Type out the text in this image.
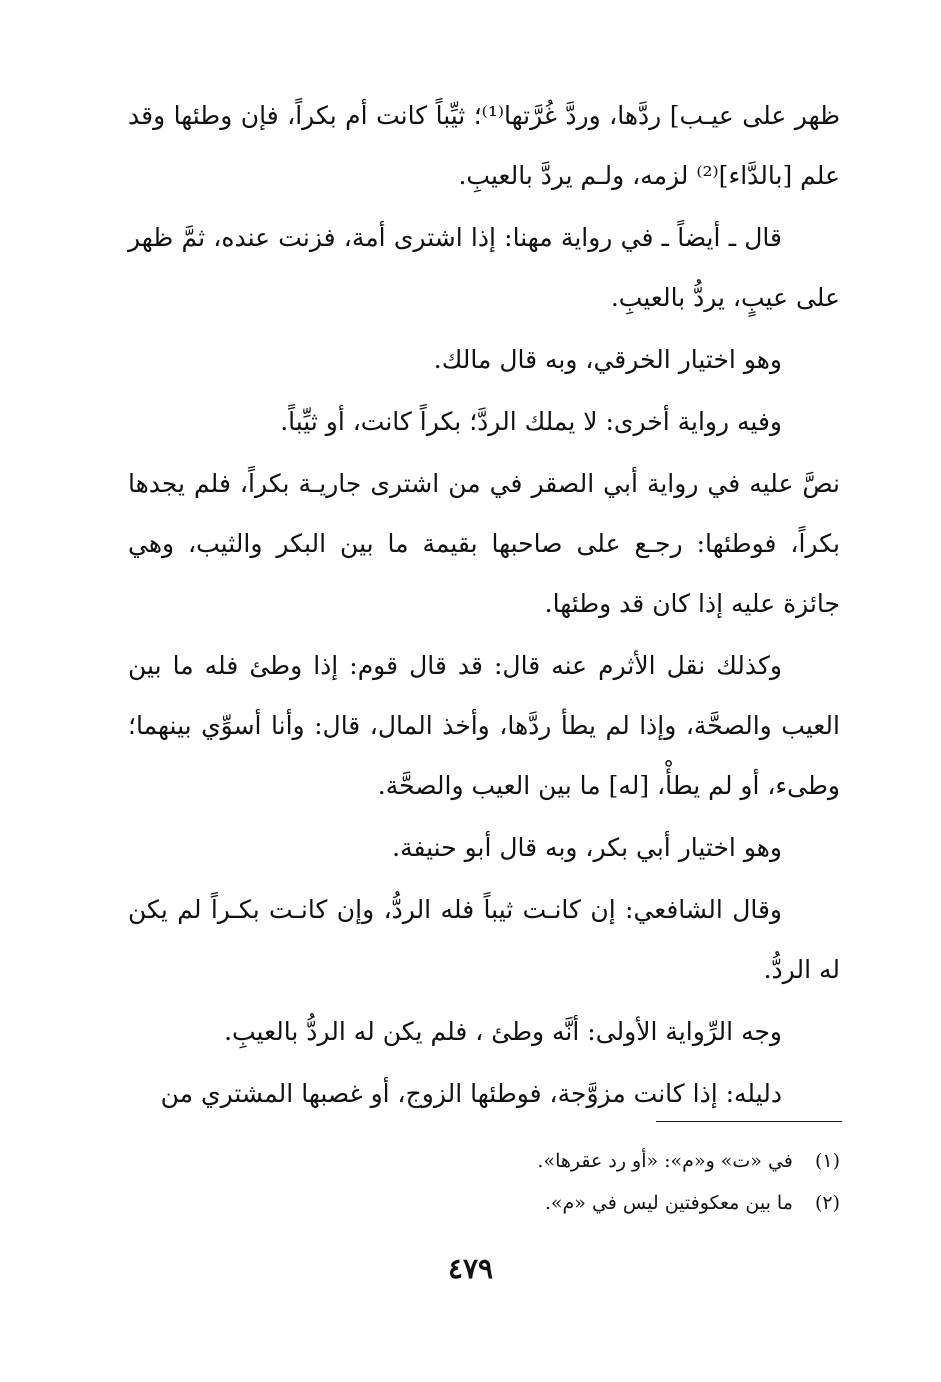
ظهر على عيـب] ردَّها، وردَّ غُرَّتها⁽¹⁾؛ ثيِّباً كانت أم بكراً، فإن وطئها وقد علم [بالدَّاء]⁽²⁾ لزمه، ولـم يردَّ بالعيبِ.

قال ـ أيضاً ـ في رواية مهنا: إذا اشترى أمة، فزنت عنده، ثمَّ ظهر على عيبٍ، يردُّ بالعيبِ.

وهو اختيار الخرقي، وبه قال مالك.

وفيه رواية أخرى: لا يملك الردَّ؛ بكراً كانت، أو ثيِّباً.

نصَّ عليه في رواية أبي الصقر في من اشترى جاريـة بكراً، فلم يجدها بكراً، فوطئها: رجـع على صاحبها بقيمة ما بين البكر والثيب، وهي جائزة عليه إذا كان قد وطئها.

وكذلك نقل الأثرم عنه قال: قد قال قوم: إذا وطئ فله ما بين العيب والصحَّة، وإذا لم يطأ ردَّها، وأخذ المال، قال: وأنا أسوِّي بينهما؛ وطىء، أو لم يطأْ، [له] ما بين العيب والصحَّة.

وهو اختيار أبي بكر، وبه قال أبو حنيفة.

وقال الشافعي: إن كانـت ثيباً فله الردُّ، وإن كانـت بكـراً لم يكن له الردُّ.

وجه الرِّواية الأولى: أنَّه وطئ ، فلم يكن له الردُّ بالعيبِ.

دليله: إذا كانت مزوَّجة، فوطئها الزوج، أو غصبها المشتري من

(١) في «ت» و«م»: «أو رد عقرها».

(٢) ما بين معكوفتين ليس في «م».

٤٧٩
